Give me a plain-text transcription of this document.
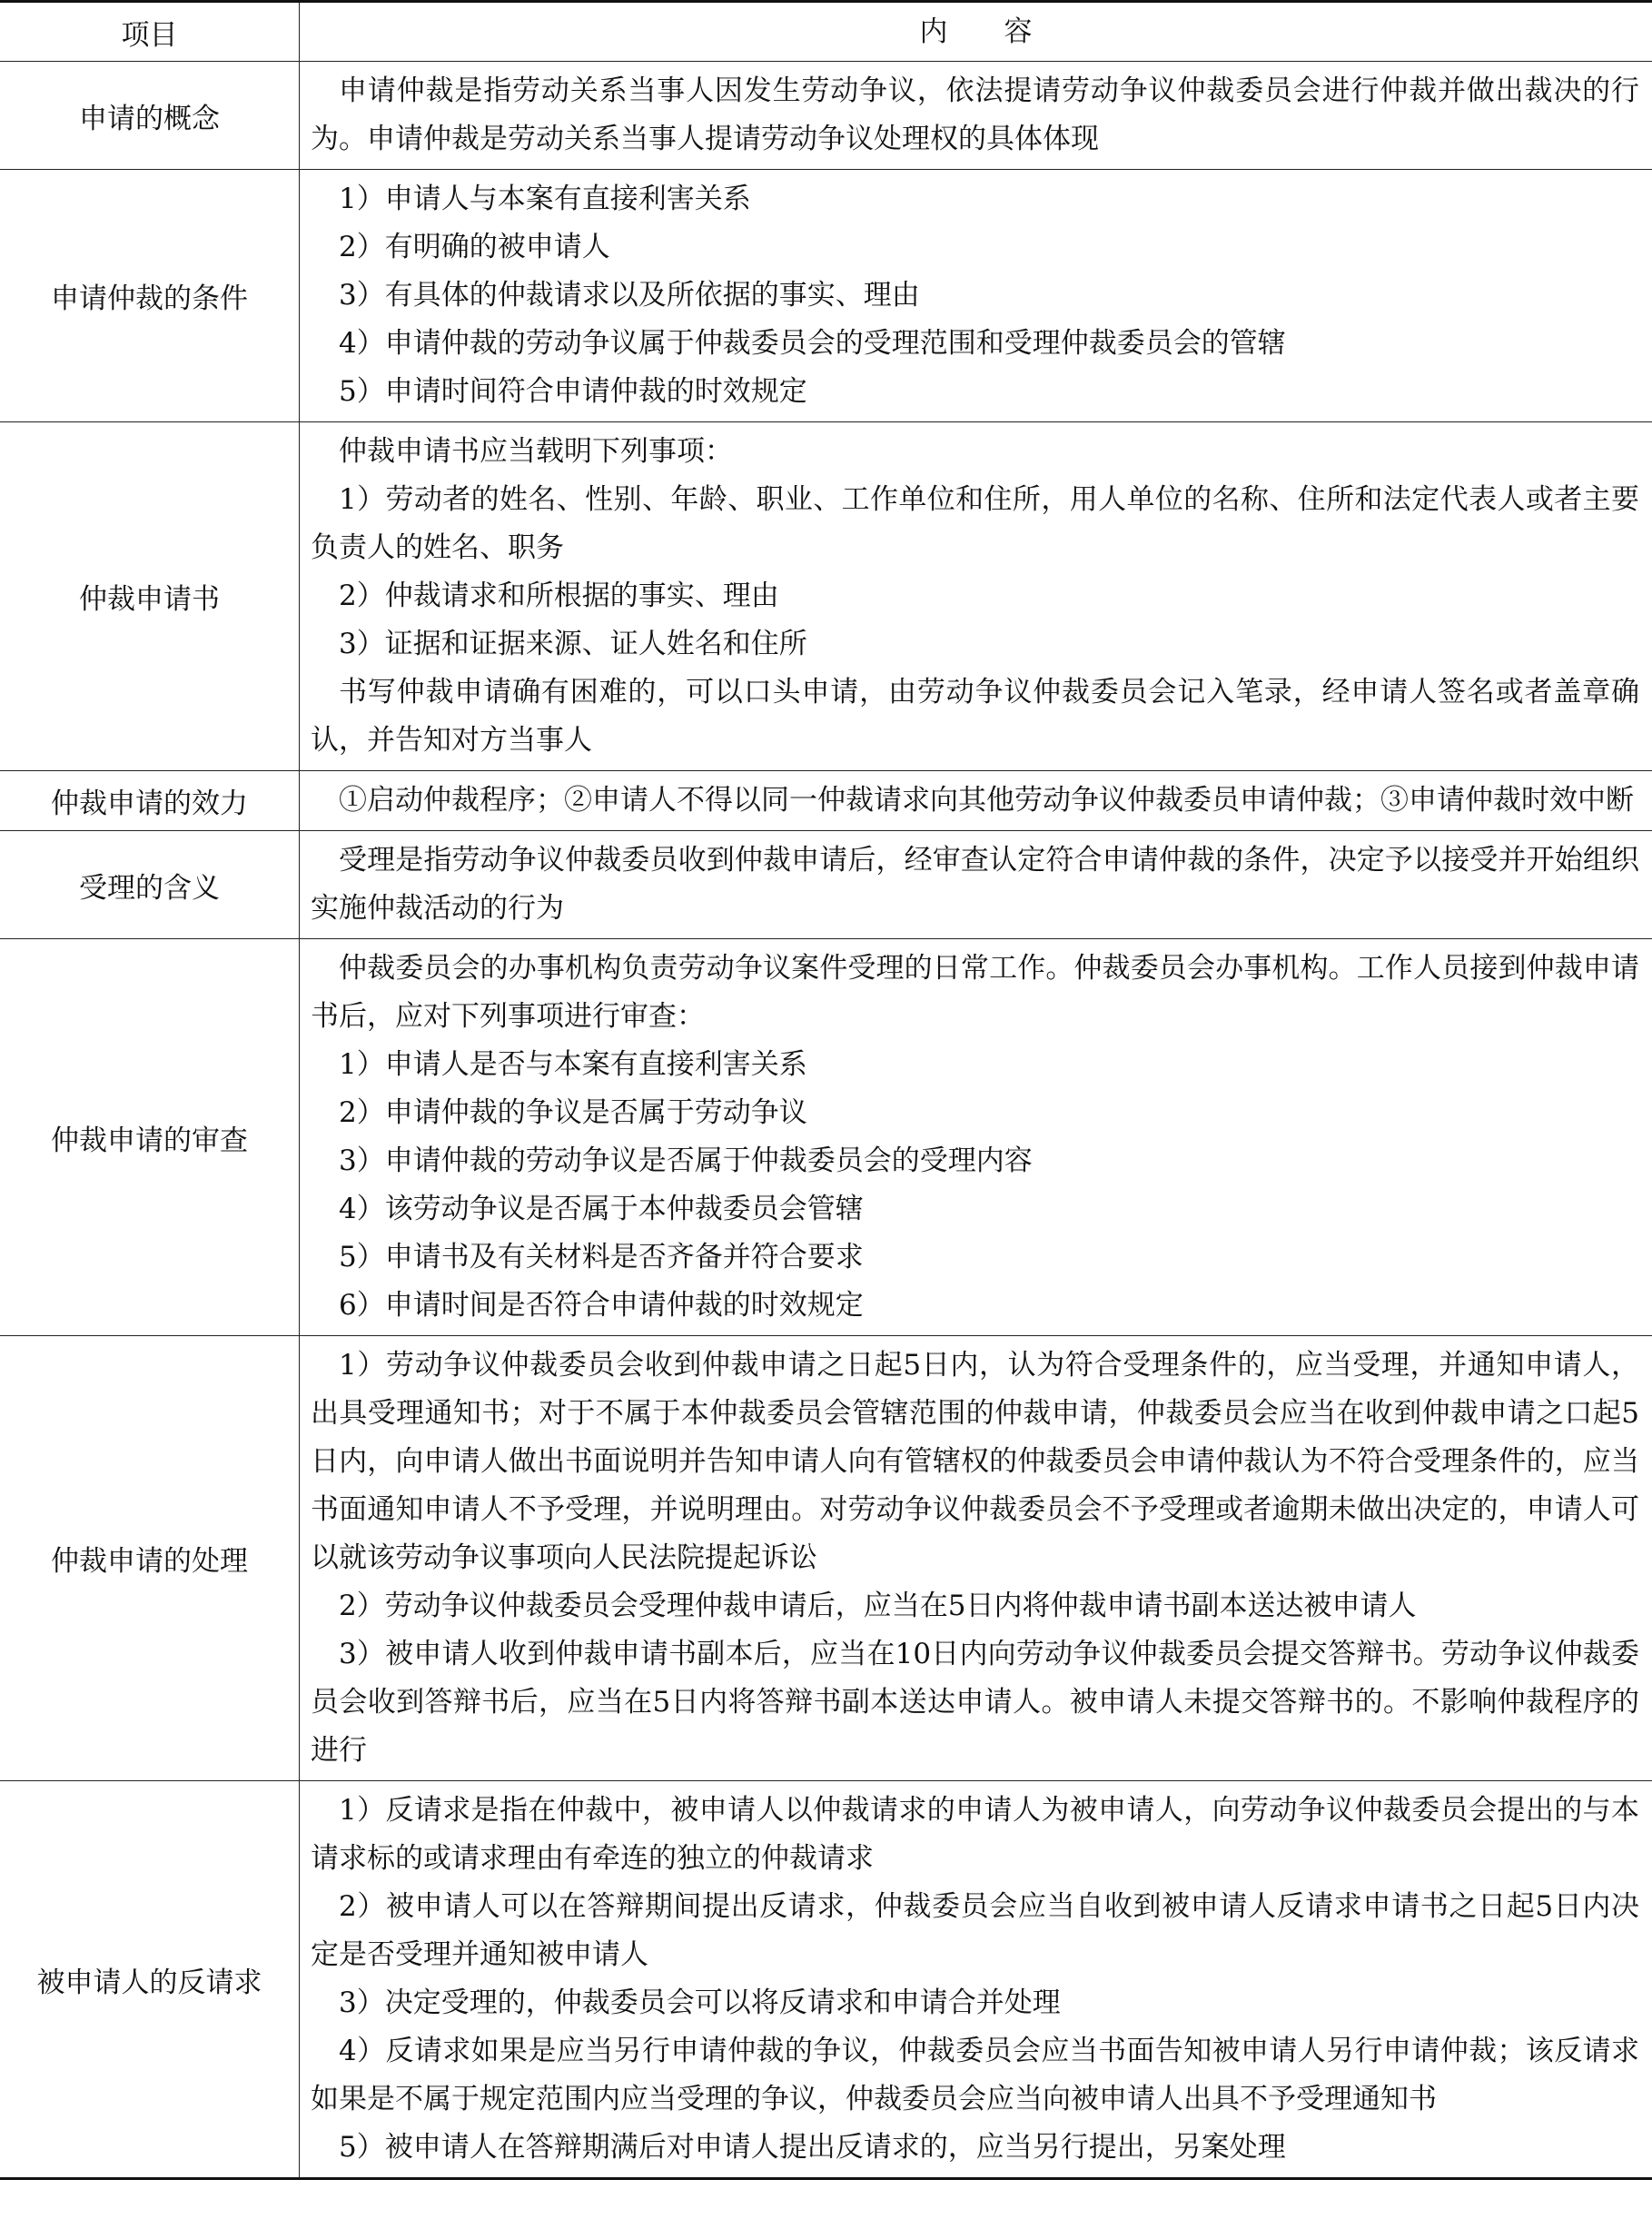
项目	内　　容
申请的概念
申请仲裁是指劳动关系当事人因发生劳动争议，依法提请劳动争议仲裁委员会进行仲裁并做出裁决的行为。申请仲裁是劳动关系当事人提请劳动争议处理权的具体体现
申请仲裁的条件
1）申请人与本案有直接利害关系
2）有明确的被申请人
3）有具体的仲裁请求以及所依据的事实、理由
4）申请仲裁的劳动争议属于仲裁委员会的受理范围和受理仲裁委员会的管辖
5）申请时间符合申请仲裁的时效规定
仲裁申请书
仲裁申请书应当载明下列事项：
1）劳动者的姓名、性别、年龄、职业、工作单位和住所，用人单位的名称、住所和法定代表人或者主要负责人的姓名、职务
2）仲裁请求和所根据的事实、理由
3）证据和证据来源、证人姓名和住所
书写仲裁申请确有困难的，可以口头申请，由劳动争议仲裁委员会记入笔录，经申请人签名或者盖章确认，并告知对方当事人
仲裁申请的效力	①启动仲裁程序；②申请人不得以同一仲裁请求向其他劳动争议仲裁委员申请仲裁；③申请仲裁时效中断
受理的含义
受理是指劳动争议仲裁委员收到仲裁申请后，经审查认定符合申请仲裁的条件，决定予以接受并开始组织实施仲裁活动的行为
仲裁申请的审查
仲裁委员会的办事机构负责劳动争议案件受理的日常工作。仲裁委员会办事机构。工作人员接到仲裁申请书后，应对下列事项进行审查：
1）申请人是否与本案有直接利害关系
2）申请仲裁的争议是否属于劳动争议
3）申请仲裁的劳动争议是否属于仲裁委员会的受理内容
4）该劳动争议是否属于本仲裁委员会管辖
5）申请书及有关材料是否齐备并符合要求
6）申请时间是否符合申请仲裁的时效规定
仲裁申请的处理
1）劳动争议仲裁委员会收到仲裁申请之日起5日内，认为符合受理条件的，应当受理，并通知申请人，出具受理通知书；对于不属于本仲裁委员会管辖范围的仲裁申请，仲裁委员会应当在收到仲裁申请之口起5日内，向申请人做出书面说明并告知申请人向有管辖权的仲裁委员会申请仲裁认为不符合受理条件的，应当书面通知申请人不予受理，并说明理由。对劳动争议仲裁委员会不予受理或者逾期未做出决定的，申请人可以就该劳动争议事项向人民法院提起诉讼
2）劳动争议仲裁委员会受理仲裁申请后，应当在5日内将仲裁申请书副本送达被申请人
3）被申请人收到仲裁申请书副本后，应当在10日内向劳动争议仲裁委员会提交答辩书。劳动争议仲裁委员会收到答辩书后，应当在5日内将答辩书副本送达申请人。被申请人未提交答辩书的。不影响仲裁程序的进行
被申请人的反请求
1）反请求是指在仲裁中，被申请人以仲裁请求的申请人为被申请人，向劳动争议仲裁委员会提出的与本请求标的或请求理由有牵连的独立的仲裁请求
2）被申请人可以在答辩期间提出反请求，仲裁委员会应当自收到被申请人反请求申请书之日起5日内决定是否受理并通知被申请人
3）决定受理的，仲裁委员会可以将反请求和申请合并处理
4）反请求如果是应当另行申请仲裁的争议，仲裁委员会应当书面告知被申请人另行申请仲裁；该反请求如果是不属于规定范围内应当受理的争议，仲裁委员会应当向被申请人出具不予受理通知书
5）被申请人在答辩期满后对申请人提出反请求的，应当另行提出，另案处理
